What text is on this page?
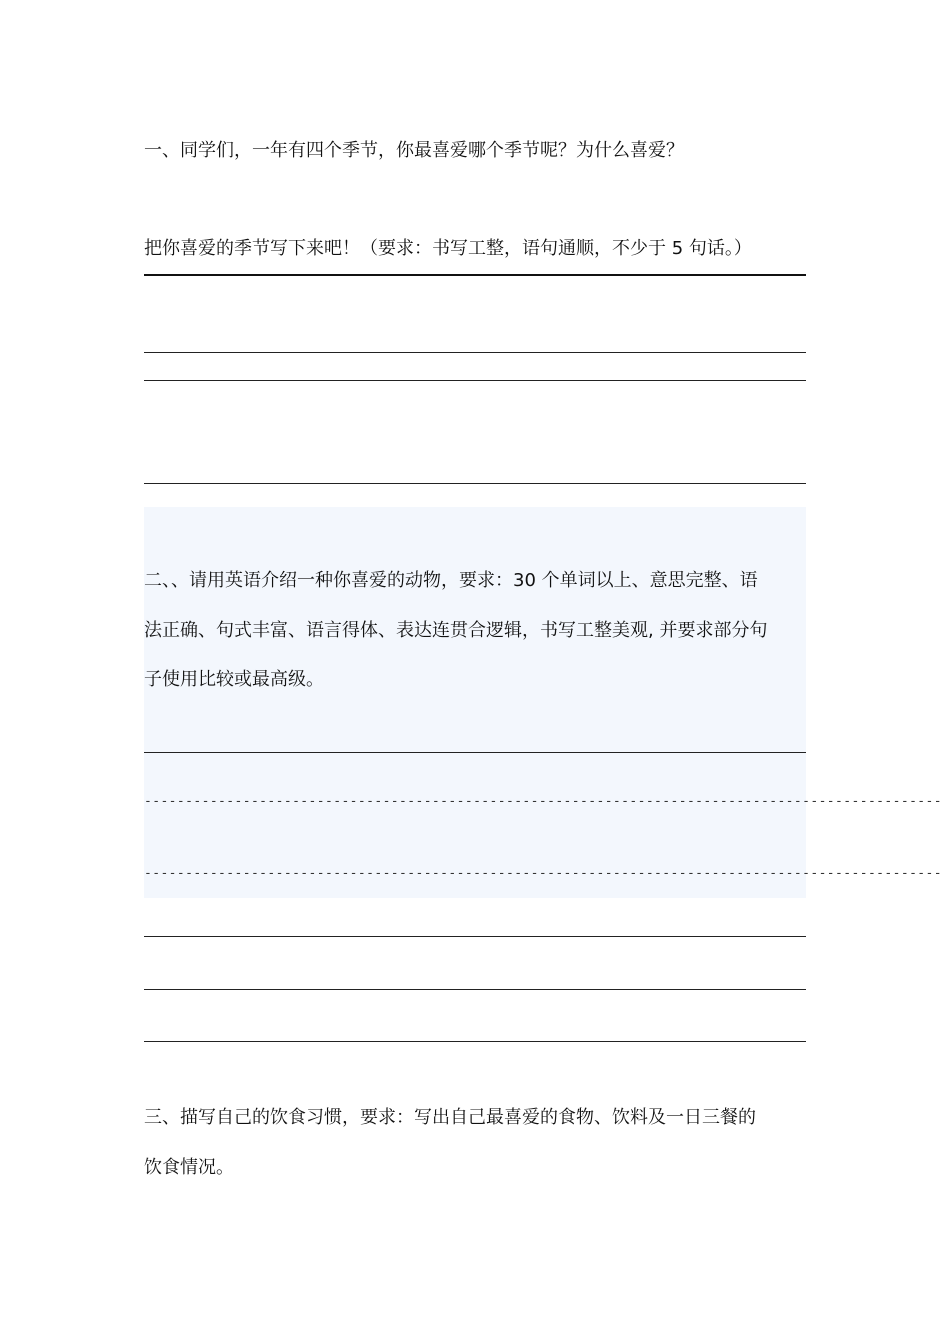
一、同学们，一年有四个季节，你最喜爱哪个季节呢？为什么喜爱？
把你喜爱的季节写下来吧！（要求：书写工整，语句通顺，不少于 5 句话。）
二、、请用英语介绍一种你喜爱的动物，要求：30 个单词以上、意思完整、语
法正确、句式丰富、语言得体、表达连贯合逻辑，书写工整美观, 并要求部分句
子使用比较或最高级。
-------------------------------------------------------------------------------------------------
-------------------------------------------------------------------------------------------------
三、描写自己的饮食习惯，要求：写出自己最喜爱的食物、饮料及一日三餐的
饮食情况。
